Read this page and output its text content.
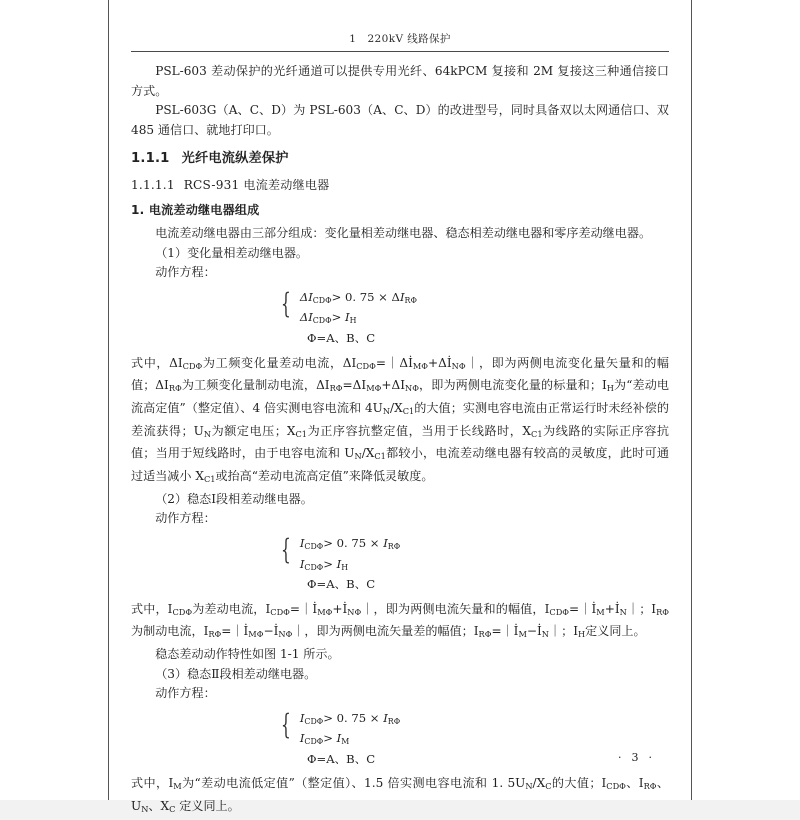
1   220kV 线路保护

PSL-603 差动保护的光纤通道可以提供专用光纤、64kPCM 复接和 2M 复接这三种通信接口方式。

PSL-603G（A、C、D）为 PSL-603（A、C、D）的改进型号，同时具备双以太网通信口、双 485 通信口、就地打印口。

1.1.1 光纤电流纵差保护
1.1.1.1 RCS-931 电流差动继电器
1. 电流差动继电器组成

电流差动继电器由三部分组成：变化量相差动继电器、稳态相差动继电器和零序差动继电器。

（1）变化量相差动继电器。

动作方程：

{ $\Delta I_{CD\Phi}> 0$. $75 \times \Delta I_{R\Phi}$
$\Delta I_{CD\Phi}> I_H$
Φ=A、B、C

式中，$\Delta I_{CD\Phi}$为工频变化量差动电流，$\Delta I_{CD\Phi}=|\Delta İ_{M\Phi}+\Delta İ_{N\Phi}|$，即为两侧电流变化量矢量和的幅值；$\Delta I_{R\Phi}$为工频变化量制动电流，$\Delta I_{R\Phi}=\Delta I_{M\Phi}+\Delta I_{N\Phi}$，即为两侧电流变化量的标量和；$I_H$为“差动电流高定值”（整定值）、4 倍实测电容电流和 $4U_N/X_{C1}$的大值；实测电容电流由正常运行时未经补偿的差流获得；$U_N$为额定电压；$X_{C1}$为正序容抗整定值，当用于长线路时，$X_{C1}$为线路的实际正序容抗值；当用于短线路时，由于电容电流和 $U_N/X_{C1}$都较小，电流差动继电器有较高的灵敏度，此时可通过适当减小 $X_{C1}$或抬高“差动电流高定值”来降低灵敏度。

（2）稳态Ⅰ段相差动继电器。

动作方程：

{ $I_{CD\Phi}> 0$. $75 \times I_{R\Phi}$
$I_{CD\Phi}> I_H$
Φ=A、B、C

式中，$I_{CD\Phi}$为差动电流，$I_{CD\Phi}=|İ_{M\Phi}+İ_{N\Phi}|$，即为两侧电流矢量和的幅值，$I_{CD\Phi}=|İ_M+İ_N|$；$I_{R\Phi}$为制动电流，$I_{R\Phi}=|İ_{M\Phi}-İ_{N\Phi}|$，即为两侧电流矢量差的幅值；$I_{R\Phi}=|İ_M-İ_N|$；$I_H$定义同上。

稳态差动动作特性如图 1-1 所示。

（3）稳态Ⅱ段相差动继电器。

动作方程：

{ $I_{CD\Phi}> 0$. $75 \times I_{R\Phi}$
$I_{CD\Phi}> I_M$
Φ=A、B、C

式中，$I_M$为“差动电流低定值”（整定值）、1.5 倍实测电容电流和 1. $5U_N/X_C$的大值；$I_{CD\Phi}$、$I_{R\Phi}$、$U_N$、$X_C$ 定义同上。

·  3  ·
